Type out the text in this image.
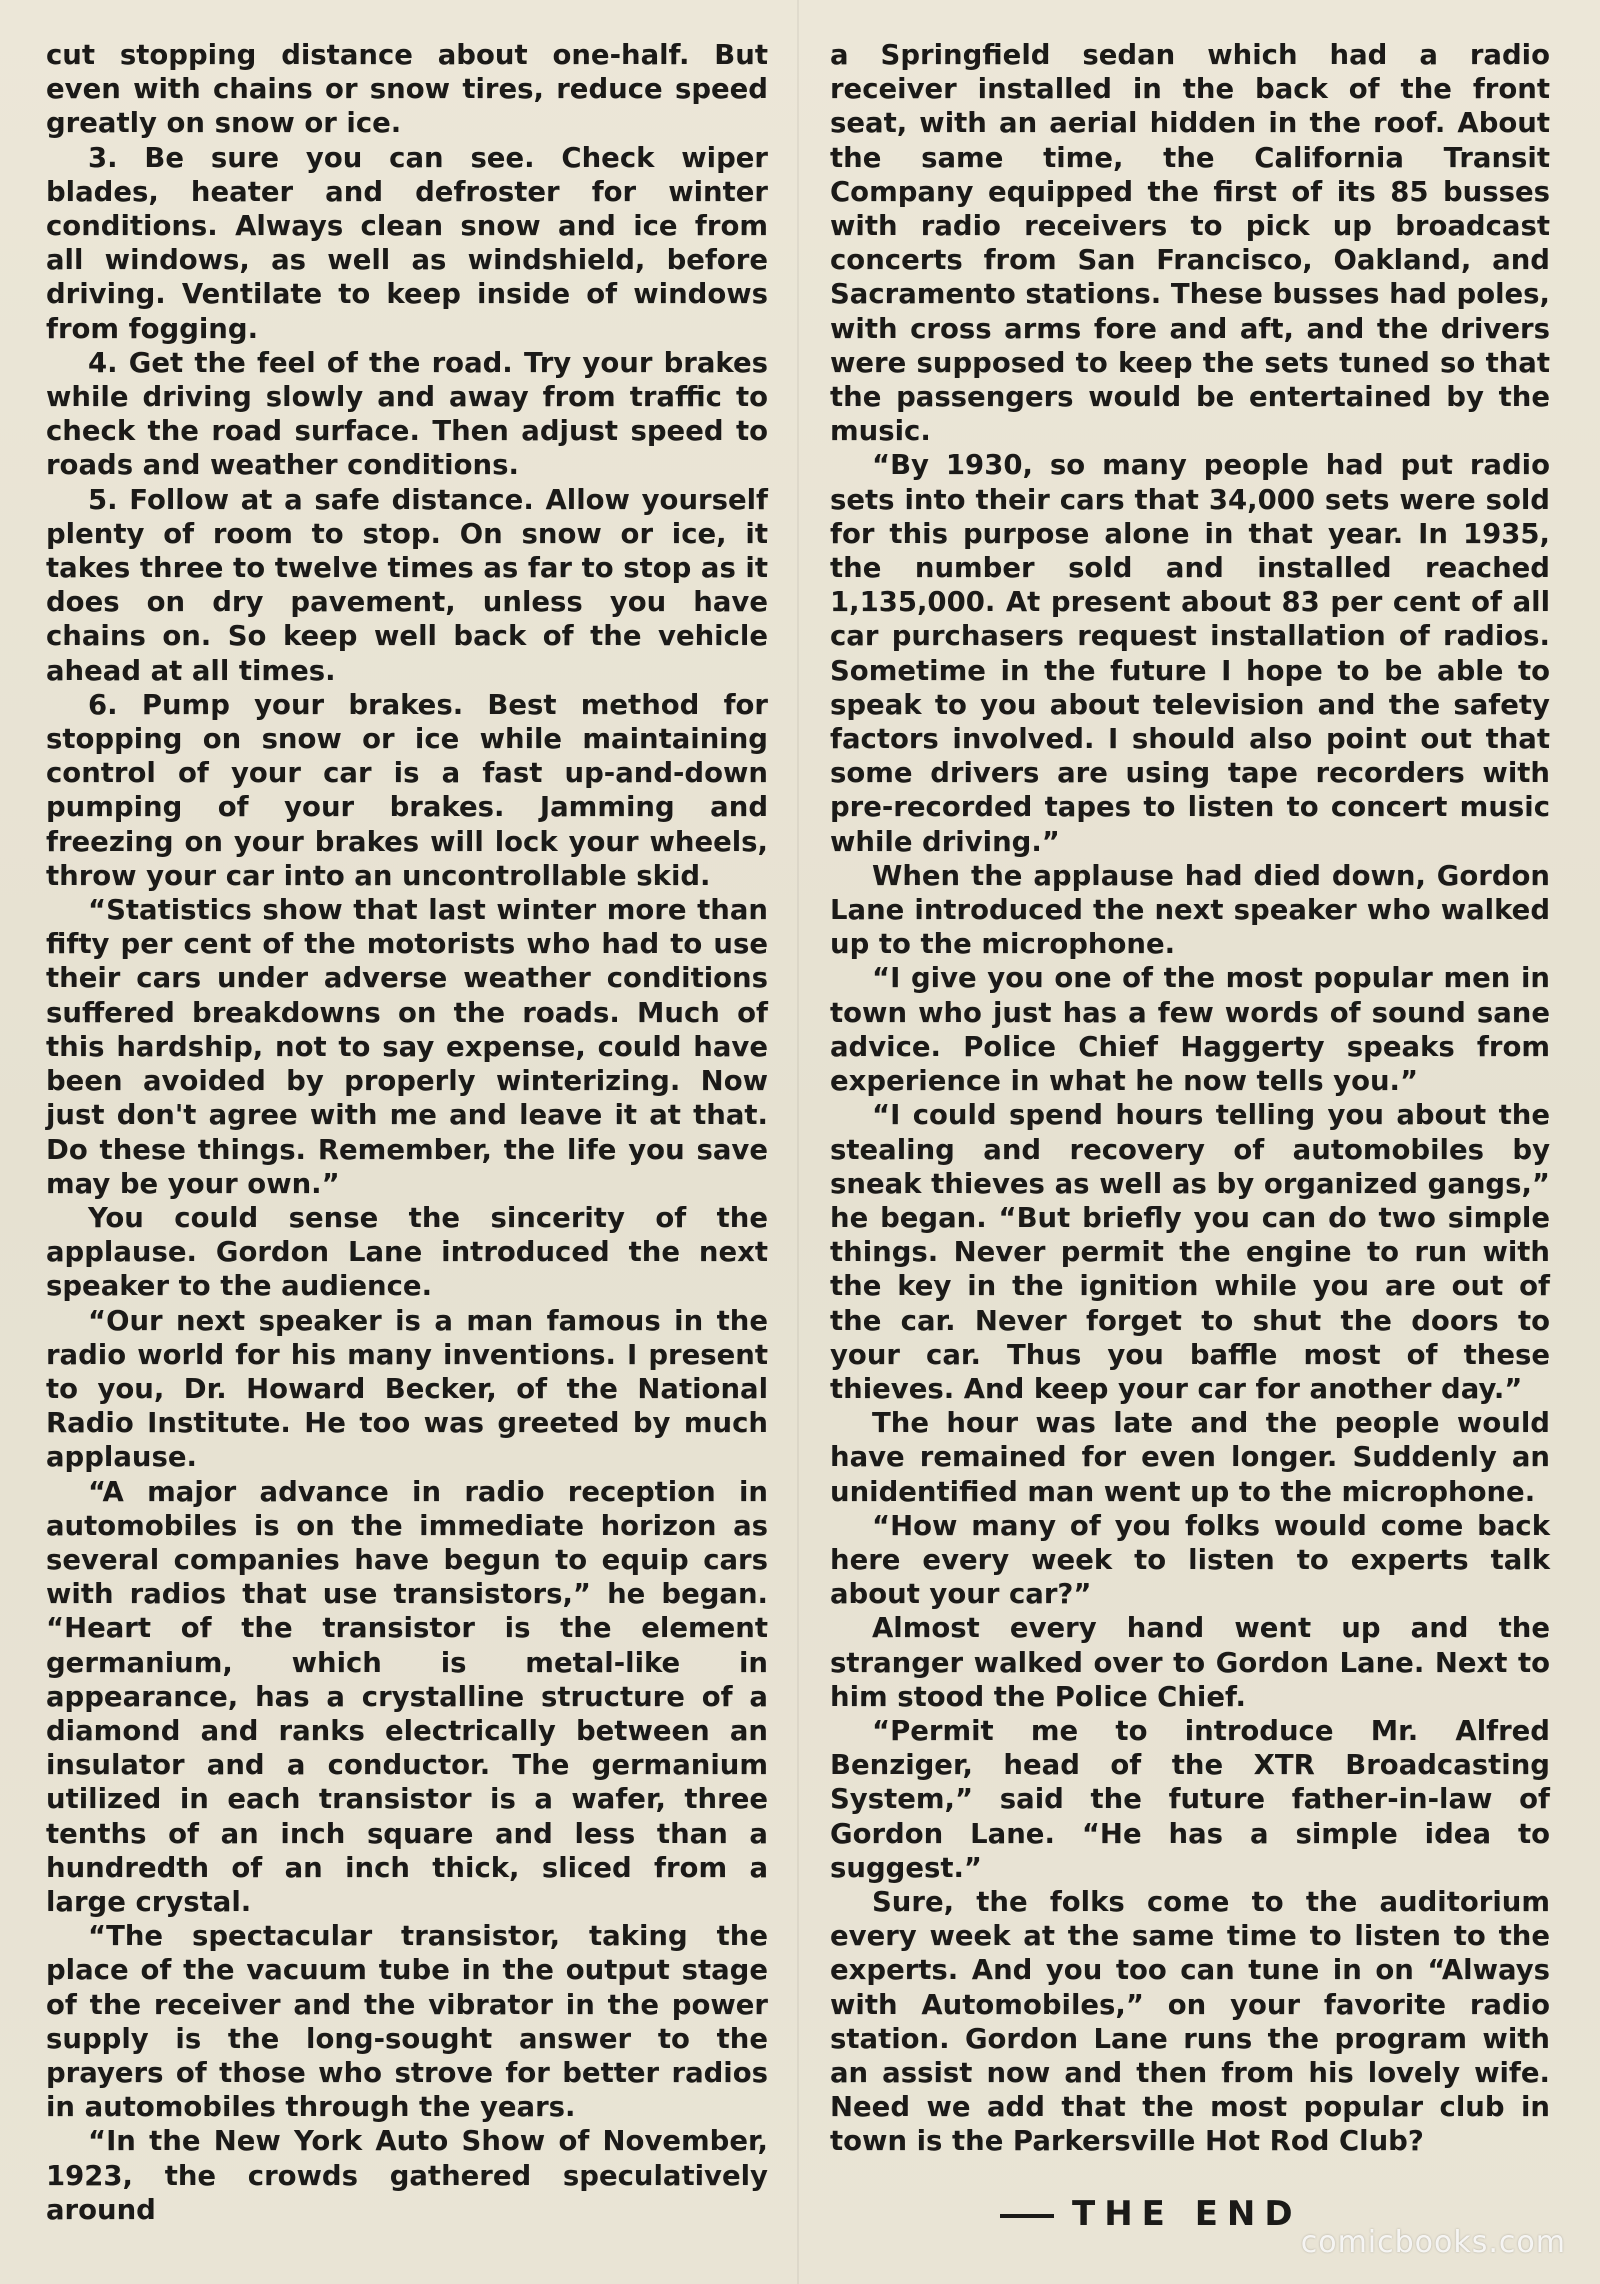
cut stopping distance about one-half. But even with chains or snow tires, reduce speed greatly on snow or ice.

3. Be sure you can see. Check wiper blades, heater and defroster for winter conditions. Always clean snow and ice from all windows, as well as windshield, before driving. Ventilate to keep inside of windows from fogging.

4. Get the feel of the road. Try your brakes while driving slowly and away from traffic to check the road surface. Then adjust speed to roads and weather conditions.

5. Follow at a safe distance. Allow yourself plenty of room to stop. On snow or ice, it takes three to twelve times as far to stop as it does on dry pavement, unless you have chains on. So keep well back of the vehicle ahead at all times.

6. Pump your brakes. Best method for stopping on snow or ice while maintaining control of your car is a fast up-and-down pumping of your brakes. Jamming and freezing on your brakes will lock your wheels, throw your car into an uncontrollable skid.

“Statistics show that last winter more than fifty per cent of the motorists who had to use their cars under adverse weather conditions suffered breakdowns on the roads. Much of this hardship, not to say expense, could have been avoided by properly winterizing. Now just don't agree with me and leave it at that. Do these things. Remember, the life you save may be your own.”

You could sense the sincerity of the applause. Gordon Lane introduced the next speaker to the audience.

“Our next speaker is a man famous in the radio world for his many inventions. I present to you, Dr. Howard Becker, of the National Radio Institute. He too was greeted by much applause.

“A major advance in radio reception in automobiles is on the immediate horizon as several companies have begun to equip cars with radios that use transistors,” he began. “Heart of the transistor is the element germanium, which is metal-like in appearance, has a crystalline structure of a diamond and ranks electrically between an insulator and a conductor. The germanium utilized in each transistor is a wafer, three tenths of an inch square and less than a hundredth of an inch thick, sliced from a large crystal.

“The spectacular transistor, taking the place of the vacuum tube in the output stage of the receiver and the vibrator in the power supply is the long-sought answer to the prayers of those who strove for better radios in automobiles through the years.

“In the New York Auto Show of November, 1923, the crowds gathered speculatively around

a Springfield sedan which had a radio receiver installed in the back of the front seat, with an aerial hidden in the roof. About the same time, the California Transit Company equipped the first of its 85 busses with radio receivers to pick up broadcast concerts from San Francisco, Oakland, and Sacramento stations. These busses had poles, with cross arms fore and aft, and the drivers were supposed to keep the sets tuned so that the passengers would be entertained by the music.

“By 1930, so many people had put radio sets into their cars that 34,000 sets were sold for this purpose alone in that year. In 1935, the number sold and installed reached 1,135,000. At present about 83 per cent of all car purchasers request installation of radios. Sometime in the future I hope to be able to speak to you about television and the safety factors involved. I should also point out that some drivers are using tape recorders with pre-recorded tapes to listen to concert music while driving.”

When the applause had died down, Gordon Lane introduced the next speaker who walked up to the microphone.

“I give you one of the most popular men in town who just has a few words of sound sane advice. Police Chief Haggerty speaks from experience in what he now tells you.”

“I could spend hours telling you about the stealing and recovery of automobiles by sneak thieves as well as by organized gangs,” he began. “But briefly you can do two simple things. Never permit the engine to run with the key in the ignition while you are out of the car. Never forget to shut the doors to your car. Thus you baffle most of these thieves. And keep your car for another day.”

The hour was late and the people would have remained for even longer. Suddenly an unidentified man went up to the microphone.

“How many of you folks would come back here every week to listen to experts talk about your car?”

Almost every hand went up and the stranger walked over to Gordon Lane. Next to him stood the Police Chief.

“Permit me to introduce Mr. Alfred Benziger, head of the XTR Broadcasting System,” said the future father-in-law of Gordon Lane. “He has a simple idea to suggest.”

Sure, the folks come to the auditorium every week at the same time to listen to the experts. And you too can tune in on “Always with Automobiles,” on your favorite radio station. Gordon Lane runs the program with an assist now and then from his lovely wife. Need we add that the most popular club in town is the Parkersville Hot Rod Club?

THE END
comicbooks.com
